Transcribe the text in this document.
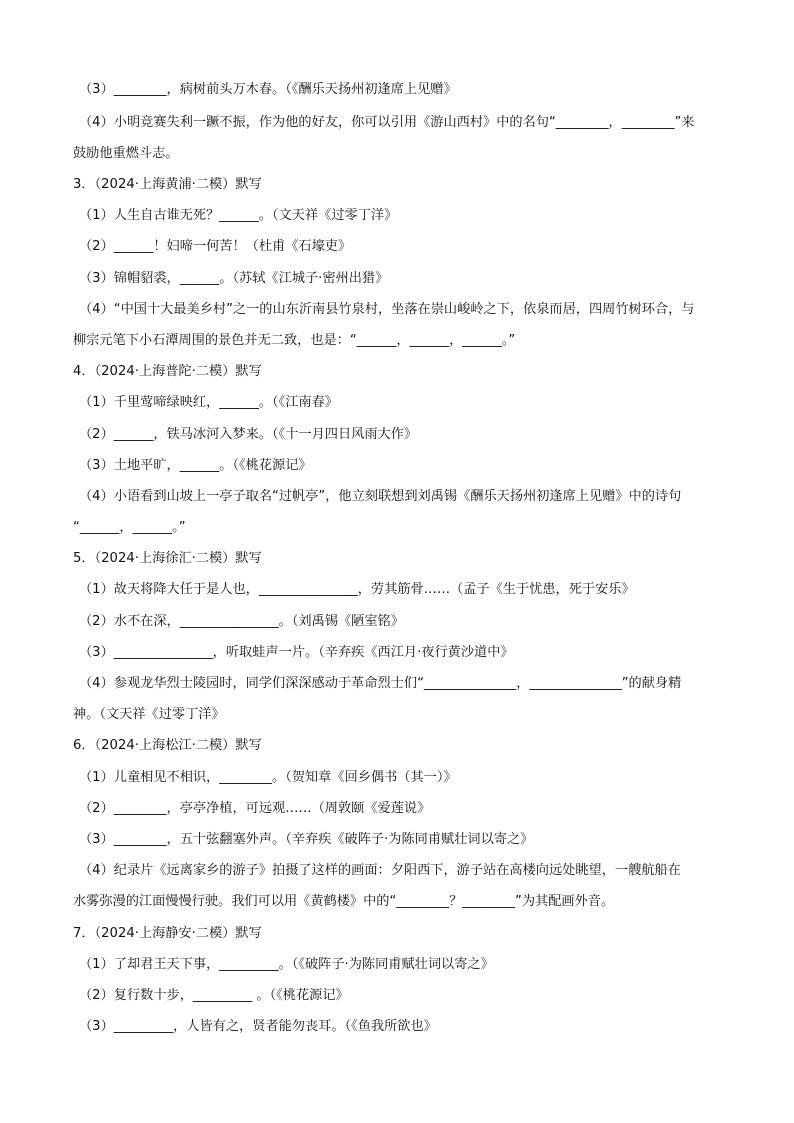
（3）________，病树前头万木春。（《酬乐天扬州初逢席上见赠》
（4）小明竞赛失利一蹶不振，作为他的好友，你可以引用《游山西村》中的名句“________，________”来
鼓励他重燃斗志。
3．（2024·上海黄浦·二模）默写
（1）人生自古谁无死？______。（文天祥《过零丁洋》
（2）______！妇啼一何苦！（杜甫《石壕吏》
（3）锦帽貂裘，______。（苏轼《江城子·密州出猎》
（4）“中国十大最美乡村”之一的山东沂南县竹泉村，坐落在崇山峻岭之下，依泉而居，四周竹树环合，与
柳宗元笔下小石潭周围的景色并无二致，也是：“______，______，______。”
4．（2024·上海普陀·二模）默写
（1）千里莺啼绿映红，______。（《江南春》
（2）______，铁马冰河入梦来。（《十一月四日风雨大作》
（3）土地平旷，______。（《桃花源记》
（4）小语看到山坡上一亭子取名“过帆亭”，他立刻联想到刘禹锡《酬乐天扬州初逢席上见赠》中的诗句
“______，______。”
5．（2024·上海徐汇·二模）默写
（1）故天将降大任于是人也，_______________，劳其筋骨……（孟子《生于忧患，死于安乐》
（2）水不在深，_______________。（刘禹锡《陋室铭》
（3）_______________，听取蛙声一片。（辛弃疾《西江月·夜行黄沙道中》
（4）参观龙华烈士陵园时，同学们深深感动于革命烈士们“______________，______________”的献身精
神。（文天祥《过零丁洋》
6．（2024·上海松江·二模）默写
（1）儿童相见不相识，________。（贺知章《回乡偶书（其一）》
（2）________，亭亭净植，可远观……（周敦颐《爱莲说》
（3）________，五十弦翻塞外声。（辛弃疾《破阵子·为陈同甫赋壮词以寄之》
（4）纪录片《远离家乡的游子》拍摄了这样的画面：夕阳西下，游子站在高楼向远处眺望，一艘航船在
水雾弥漫的江面慢慢行驶。我们可以用《黄鹤楼》中的“________？________”为其配画外音。
7．（2024·上海静安·二模）默写
（1）了却君王天下事，_________。（《破阵子·为陈同甫赋壮词以寄之》
（2）复行数十步，_________ 。（《桃花源记》
（3）_________，人皆有之，贤者能勿丧耳。（《鱼我所欲也》
